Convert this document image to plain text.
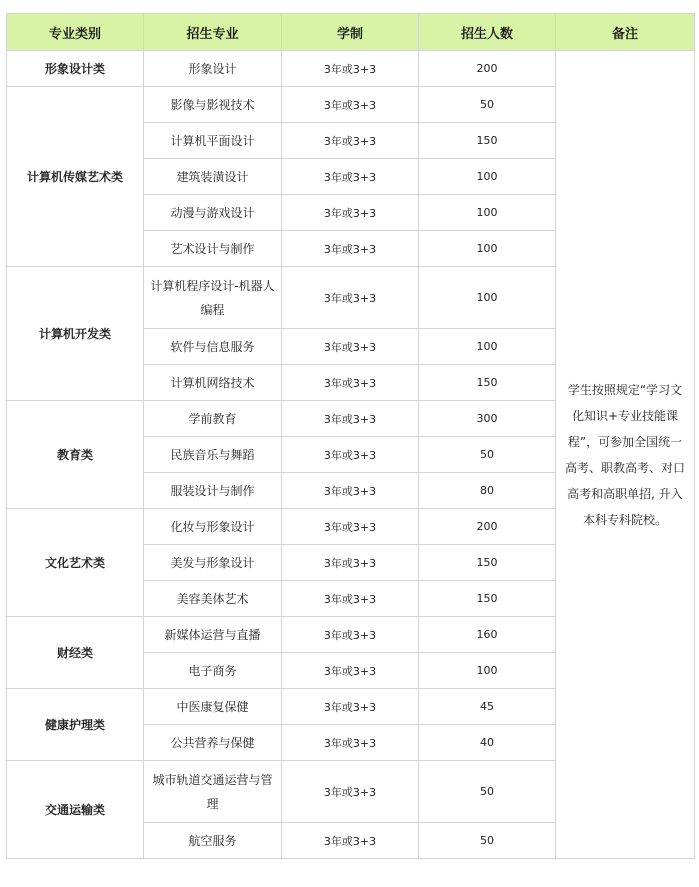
专业类别	招生专业	学制	招生人数	备注
形象设计类	形象设计	3年或3+3	200	学生按照规定“学习文化知识+专业技能课程”，可参加全国统一高考、职教高考、对口高考和高职单招, 升入本科专科院校。
计算机传媒艺术类	影像与影视技术	3年或3+3	50	
	计算机平面设计	3年或3+3	150	
	建筑装潢设计	3年或3+3	100	
	动漫与游戏设计	3年或3+3	100	
	艺术设计与制作	3年或3+3	100	
计算机开发类	计算机程序设计-机器人编程	3年或3+3	100	
	软件与信息服务	3年或3+3	100	
	计算机网络技术	3年或3+3	150	
教育类	学前教育	3年或3+3	300	
	民族音乐与舞蹈	3年或3+3	50	
	服装设计与制作	3年或3+3	80	
文化艺术类	化妆与形象设计	3年或3+3	200	
	美发与形象设计	3年或3+3	150	
	美容美体艺术	3年或3+3	150	
财经类	新媒体运营与直播	3年或3+3	160	
	电子商务	3年或3+3	100	
健康护理类	中医康复保健	3年或3+3	45	
	公共营养与保健	3年或3+3	40	
交通运输类	城市轨道交通运营与管理	3年或3+3	50	
	航空服务	3年或3+3	50	
